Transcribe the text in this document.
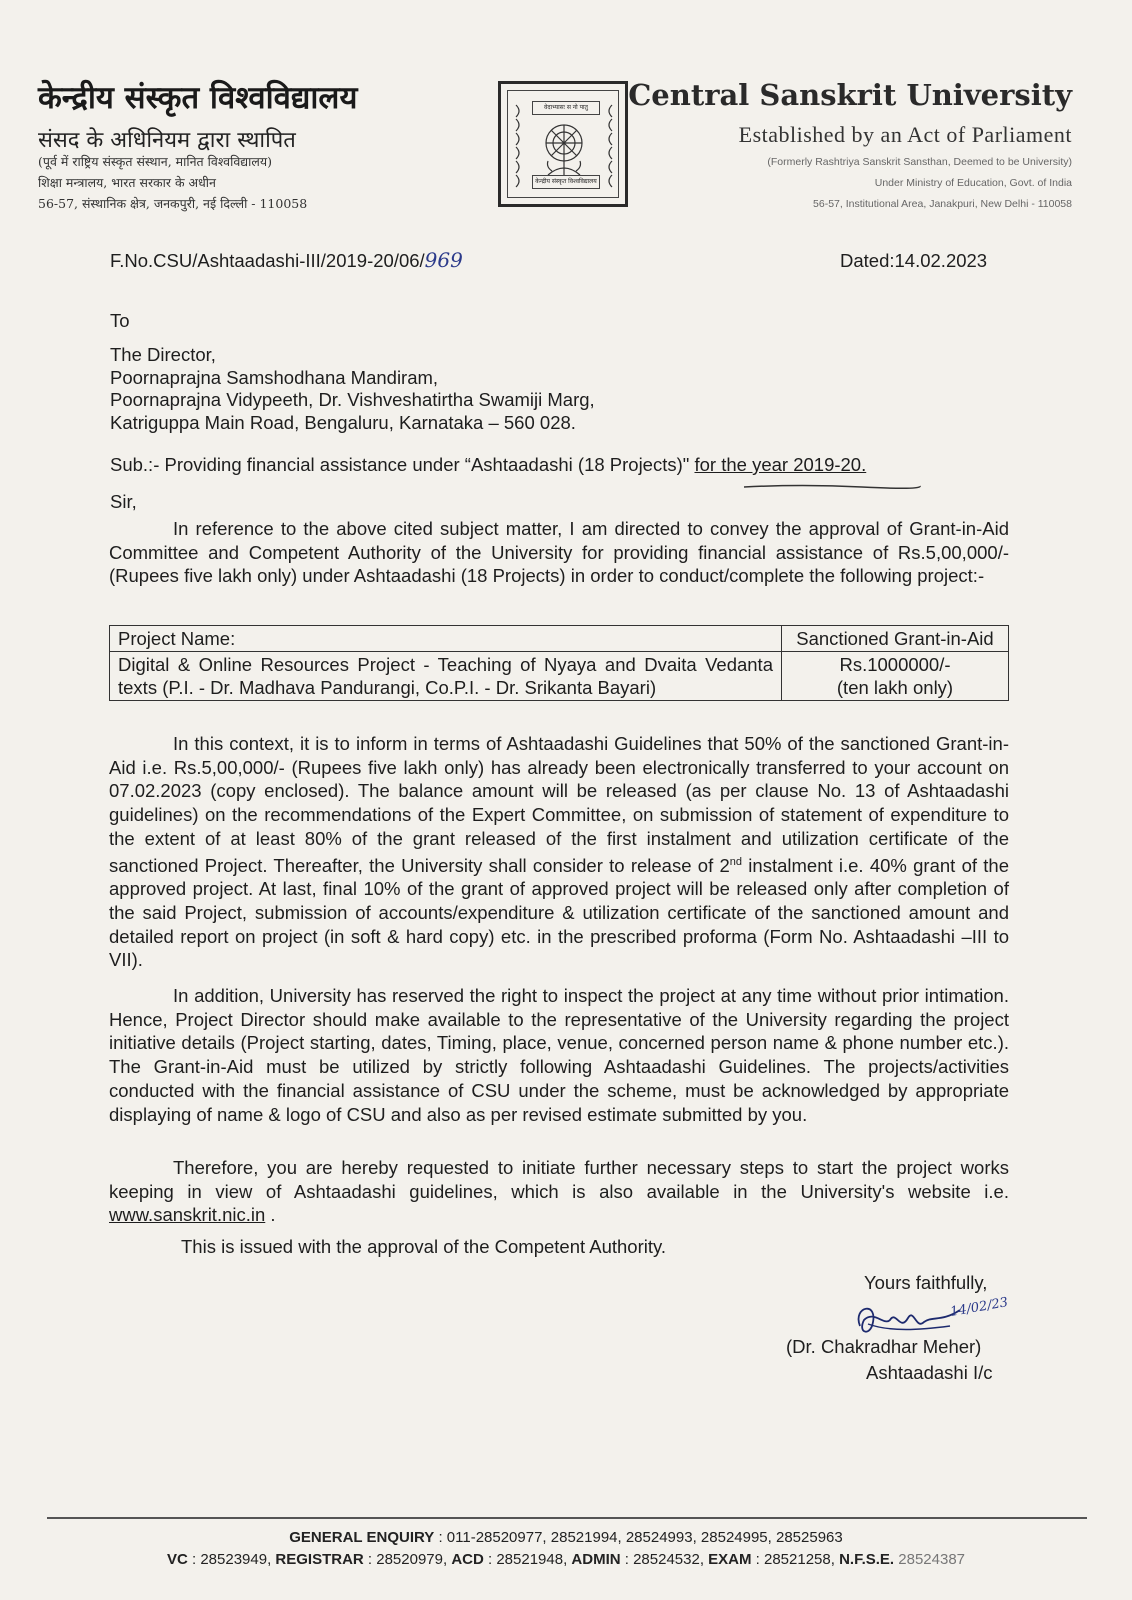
केन्द्रीय संस्कृत विश्वविद्यालय
संसद के अधिनियम द्वारा स्थापित
(पूर्व में राष्ट्रिय संस्कृत संस्थान, मानित विश्वविद्यालय)
शिक्षा मन्त्रालय, भारत सरकार के अधीन
56-57, संस्थानिक क्षेत्र, जनकपुरी, नई दिल्ली - 110058
वेदाभ्यासः स नो पातु
केन्द्रीय संस्कृत विश्वविद्यालय
Central Sanskrit University
Established by an Act of Parliament
(Formerly Rashtriya Sanskrit Sansthan, Deemed to be University)
Under Ministry of Education, Govt. of India
56-57, Institutional Area, Janakpuri, New Delhi - 110058
F.No.CSU/Ashtaadashi-III/2019-20/06/969	Dated:14.02.2023
To
The Director,
Poornaprajna Samshodhana Mandiram,
Poornaprajna Vidypeeth, Dr. Vishveshatirtha Swamiji Marg,
Katriguppa Main Road, Bengaluru, Karnataka – 560 028.
Sub.:- Providing financial assistance under “Ashtaadashi (18 Projects)" for the year 2019-20.
Sir,

In reference to the above cited subject matter, I am directed to convey the approval of Grant-in-Aid Committee and Competent Authority of the University for providing financial assistance of Rs.5,00,000/- (Rupees five lakh only) under Ashtaadashi (18 Projects) in order to conduct/complete the following project:-

Project Name:	Sanctioned Grant-in-Aid
Digital & Online Resources Project - Teaching of Nyaya and Dvaita Vedanta texts (P.I. - Dr. Madhava Pandurangi, Co.P.I. - Dr. Srikanta Bayari)	Rs.1000000/-
(ten lakh only)

In this context, it is to inform in terms of Ashtaadashi Guidelines that 50% of the sanctioned Grant-in-Aid i.e. Rs.5,00,000/- (Rupees five lakh only) has already been electronically transferred to your account on 07.02.2023 (copy enclosed). The balance amount will be released (as per clause No. 13 of Ashtaadashi guidelines) on the recommendations of the Expert Committee, on submission of statement of expenditure to the extent of at least 80% of the grant released of the first instalment and utilization certificate of the sanctioned Project. Thereafter, the University shall consider to release of 2nd instalment i.e. 40% grant of the approved project. At last, final 10% of the grant of approved project will be released only after completion of the said Project, submission of accounts/expenditure & utilization certificate of the sanctioned amount and detailed report on project (in soft & hard copy) etc. in the prescribed proforma (Form No. Ashtaadashi –III to VII).

In addition, University has reserved the right to inspect the project at any time without prior intimation. Hence, Project Director should make available to the representative of the University regarding the project initiative details (Project starting, dates, Timing, place, venue, concerned person name & phone number etc.). The Grant-in-Aid must be utilized by strictly following Ashtaadashi Guidelines. The projects/activities conducted with the financial assistance of CSU under the scheme, must be acknowledged by appropriate displaying of name & logo of CSU and also as per revised estimate submitted by you.

Therefore, you are hereby requested to initiate further necessary steps to start the project works keeping in view of Ashtaadashi guidelines, which is also available in the University's website i.e. www.sanskrit.nic.in .

This is issued with the approval of the Competent Authority.
Yours faithfully,
14/02/23
(Dr. Chakradhar Meher)
Ashtaadashi I/c
GENERAL ENQUIRY : 011-28520977, 28521994, 28524993, 28524995, 28525963
VC : 28523949, REGISTRAR : 28520979, ACD : 28521948, ADMIN : 28524532, EXAM : 28521258, N.F.S.E. 28524387
